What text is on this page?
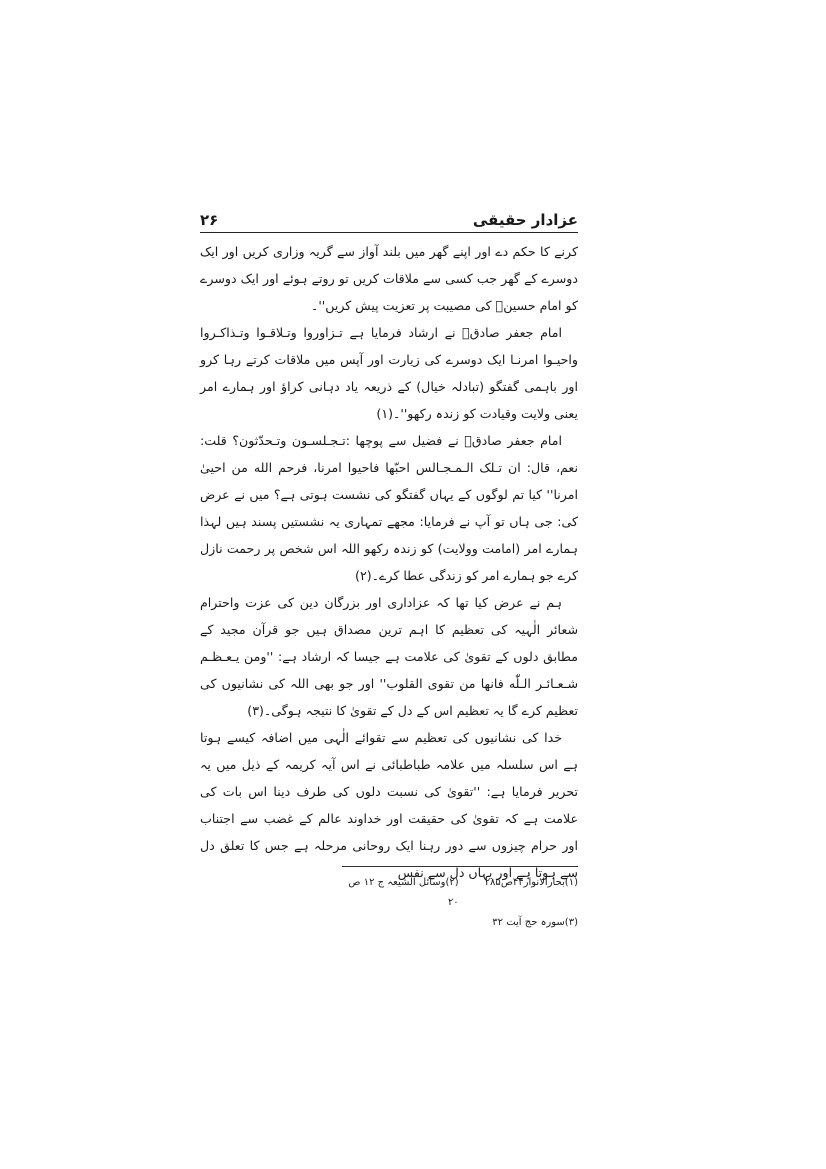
عزادار حقیقی
۲۶

کرنے کا حکم دے اور اپنے گھر میں بلند آواز سے گریہ وزاری کریں اور ایک دوسرے کے گھر جب کسی سے ملاقات کریں تو روتے ہوئے اور ایک دوسرے کو امام حسینؑ کی مصیبت پر تعزیت پیش کریں''۔

امام جعفر صادقؑ نے ارشاد فرمایا ہے تـزاوروا وتـلاقـوا وتـذاكـروا واحيـوا امرنـا ایک دوسرے کی زیارت اور آپس میں ملاقات کرتے رہا کرو اور باہمی گفتگو (تبادلہ خیال) کے ذریعہ یاد دہانی کراؤ اور ہمارے امر یعنی ولایت وقیادت کو زندہ رکھو''۔(۱)

امام جعفر صادقؑ نے فضیل سے پوچھا :تـجـلسـون وتـحدّثون؟ قلت: نعم، قال: ان تـلک الـمـجـالس احبّها فاحيوا امرنا، فرحم الله من احيیٰ امرنا'' کیا تم لوگوں کے یہاں گفتگو کی نشست ہوتی ہے؟ میں نے عرض کی: جی ہاں تو آپ نے فرمایا: مجھے تمہاری یہ نشستیں پسند ہیں لہذا ہمارے امر (امامت وولایت) کو زندہ رکھو اللہ اس شخص پر رحمت نازل کرے جو ہمارے امر کو زندگی عطا کرے۔(۲)

ہم نے عرض کیا تھا کہ عزاداری اور بزرگان دین کی عزت واحترام شعائر الٰہیہ کی تعظیم کا اہم ترین مصداق ہیں جو قرآن مجید کے مطابق دلوں کے تقویٰ کی علامت ہے جیسا کہ ارشاد ہے: ''ومن يـعـظـم شـعـائـر الـلّٰه فانها من تقوى القلوب'' اور جو بھی اللہ کی نشانیوں کی تعظیم کرے گا یہ تعظیم اس کے دل کے تقویٰ کا نتیجہ ہوگی۔(۳)

خدا کی نشانیوں کی تعظیم سے تقوائے الٰہی میں اضافہ کیسے ہوتا ہے اس سلسلہ میں علامہ طباطبائی نے اس آیہ کریمہ کے ذیل میں یہ تحریر فرمایا ہے: ''تقویٰ کی نسبت دلوں کی طرف دینا اس بات کی علامت ہے کہ تقویٰ کی حقیقت اور خداوند عالم کے غضب سے اجتناب اور حرام چیزوں سے دور رہنا ایک روحانی مرحلہ ہے جس کا تعلق دل سے ہوتا ہے اور یہاں دل سے نفس

(۱)بحارالانوار۴۴ص۲۸۵
(۲)وسائل الشیعہ ج ۱۲ ص ۲۰
(۳)سورہ حج آیت ۳۲
